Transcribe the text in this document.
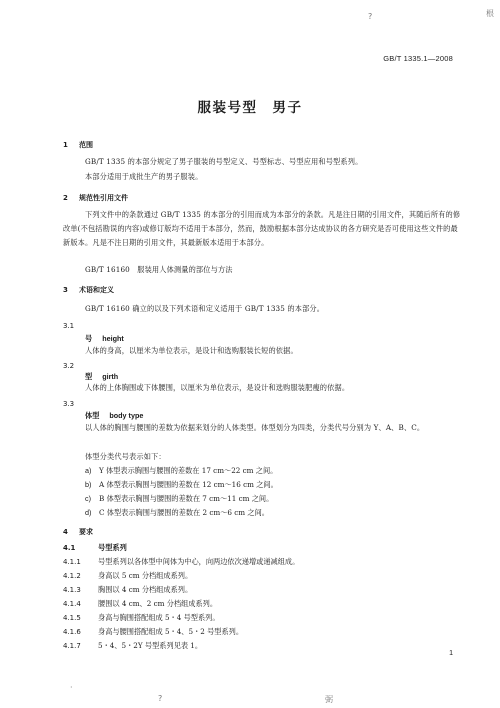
?	根
·
?	弼
GB/T 1335.1—2008
服装号型　男子
1 范围
GB/T 1335 的本部分规定了男子服装的号型定义、号型标志、号型应用和号型系列。
本部分适用于成批生产的男子服装。
2 规范性引用文件
下列文件中的条款通过 GB/T 1335 的本部分的引用而成为本部分的条款。凡是注日期的引用文件，其随后所有的修改单(不包括勘误的内容)或修订版均不适用于本部分，然而，鼓励根据本部分达成协议的各方研究是否可使用这些文件的最新版本。凡是不注日期的引用文件，其最新版本适用于本部分。
GB/T 16160　服装用人体测量的部位与方法
3 术语和定义
GB/T 16160 确立的以及下列术语和定义适用于 GB/T 1335 的本部分。
3.1
号 height
人体的身高，以厘米为单位表示，是设计和选购服装长短的依据。
3.2
型 girth
人体的上体胸围或下体腰围，以厘米为单位表示，是设计和选购服装肥瘦的依据。
3.3
体型 body type
以人体的胸围与腰围的差数为依据来划分的人体类型。体型划分为四类，分类代号分别为 Y、A、B、C。
体型分类代号表示如下：
a) Y 体型表示胸围与腰围的差数在 17 cm～22 cm 之间。
b) A 体型表示胸围与腰围的差数在 12 cm～16 cm 之间。
c) B 体型表示胸围与腰围的差数在 7 cm～11 cm 之间。
d) C 体型表示胸围与腰围的差数在 2 cm～6 cm 之间。
4 要求
4.1	号型系列
4.1.1 号型系列以各体型中间体为中心，向两边依次递增或递减组成。
4.1.2 身高以 5 cm 分档组成系列。
4.1.3 胸围以 4 cm 分档组成系列。
4.1.4 腰围以 4 cm、2 cm 分档组成系列。
4.1.5 身高与胸围搭配组成 5・4 号型系列。
4.1.6 身高与腰围搭配组成 5・4、5・2 号型系列。
4.1.7 5・4、5・2Y 号型系列见表 1。
1
